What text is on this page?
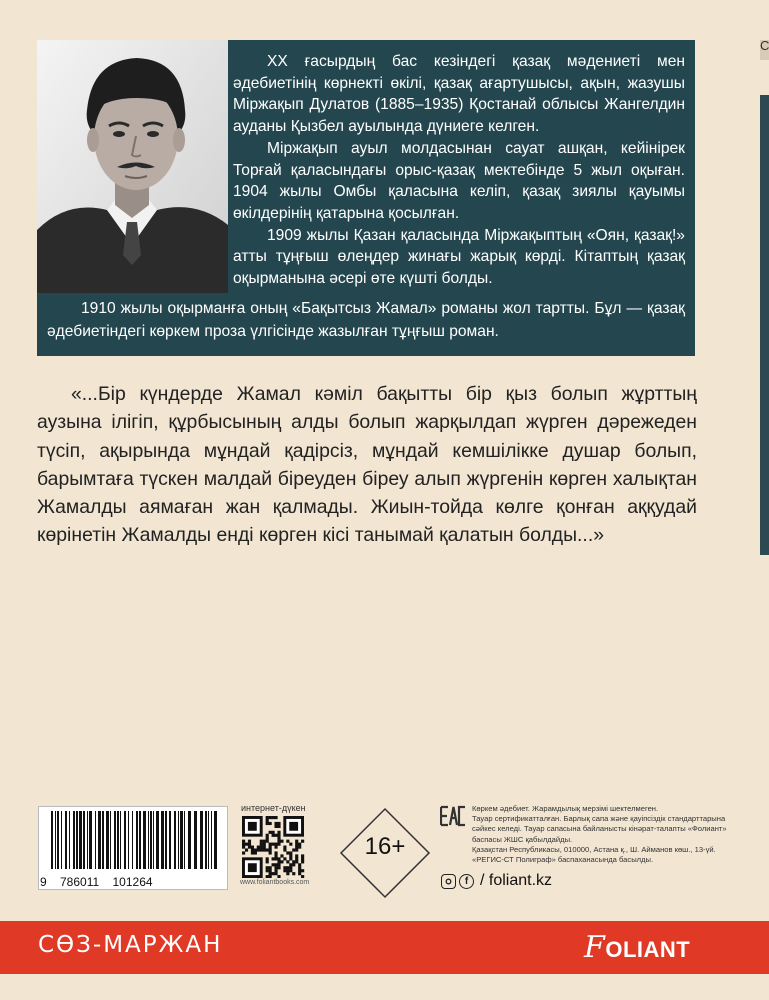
С

XX ғасырдың бас кезіндегі қазақ мәдениеті мен әдебиетінің көрнекті өкілі, қазақ ағартушысы, ақын, жазушы Міржақып Дулатов (1885–1935) Қостанай облысы Жангелдин ауданы Қызбел ауылында дүниеге келген.

Міржақып ауыл молдасынан сауат ашқан, кейінірек Торғай қаласындағы орыс-қазақ мектебінде 5 жыл оқыған. 1904 жылы Омбы қаласына келіп, қазақ зиялы қауымы өкілдерінің қатарына қосылған.

1909 жылы Қазан қаласында Міржақыптың «Оян, қазақ!» атты тұңғыш өлеңдер жинағы жарық көрді. Кітаптың қазақ оқырманына әсері өте күшті болды.

1910 жылы оқырманға оның «Бақытсыз Жамал» романы жол тартты. Бұл — қазақ әдебиетіндегі көркем проза үлгісінде жазылған тұңғыш роман.

«...Бір күндерде Жамал кәміл бақытты бір қыз болып жұрттың аузына ілігіп, құрбысының алды болып жарқылдап жүрген дәрежеден түсіп, ақырында мұндай қадірсіз, мұндай кемшілікке душар болып, барымтаға түскен малдай біреуден біреу алып жүргенін көрген халықтан Жамалды аямаған жан қалмады. Жиын-тойда көлге қонған аққудай көрінетін Жамалды енді көрген кісі танымай қалатын болды...»

9 786011 101264
интернет-дүкен
www.foliantbooks.com
16+

Көркем әдебиет. Жарамдылық мерзімі шектелмеген.

Тауар сертификатталған. Барлық сапа және қауіпсіздік стандарттарына сәйкес келеді. Тауар сапасына байланысты кінәрат-талапты «Фолиант» баспасы ЖШС қабылдайды.

Қазақстан Республикасы, 010000, Астана қ., Ш. Айманов көш., 13-үй.

«РЕГИС-СТ Полиграф» баспаханасында басылды.

f / foliant.kz
СӨЗ-МАРЖАН	FOLIANT
